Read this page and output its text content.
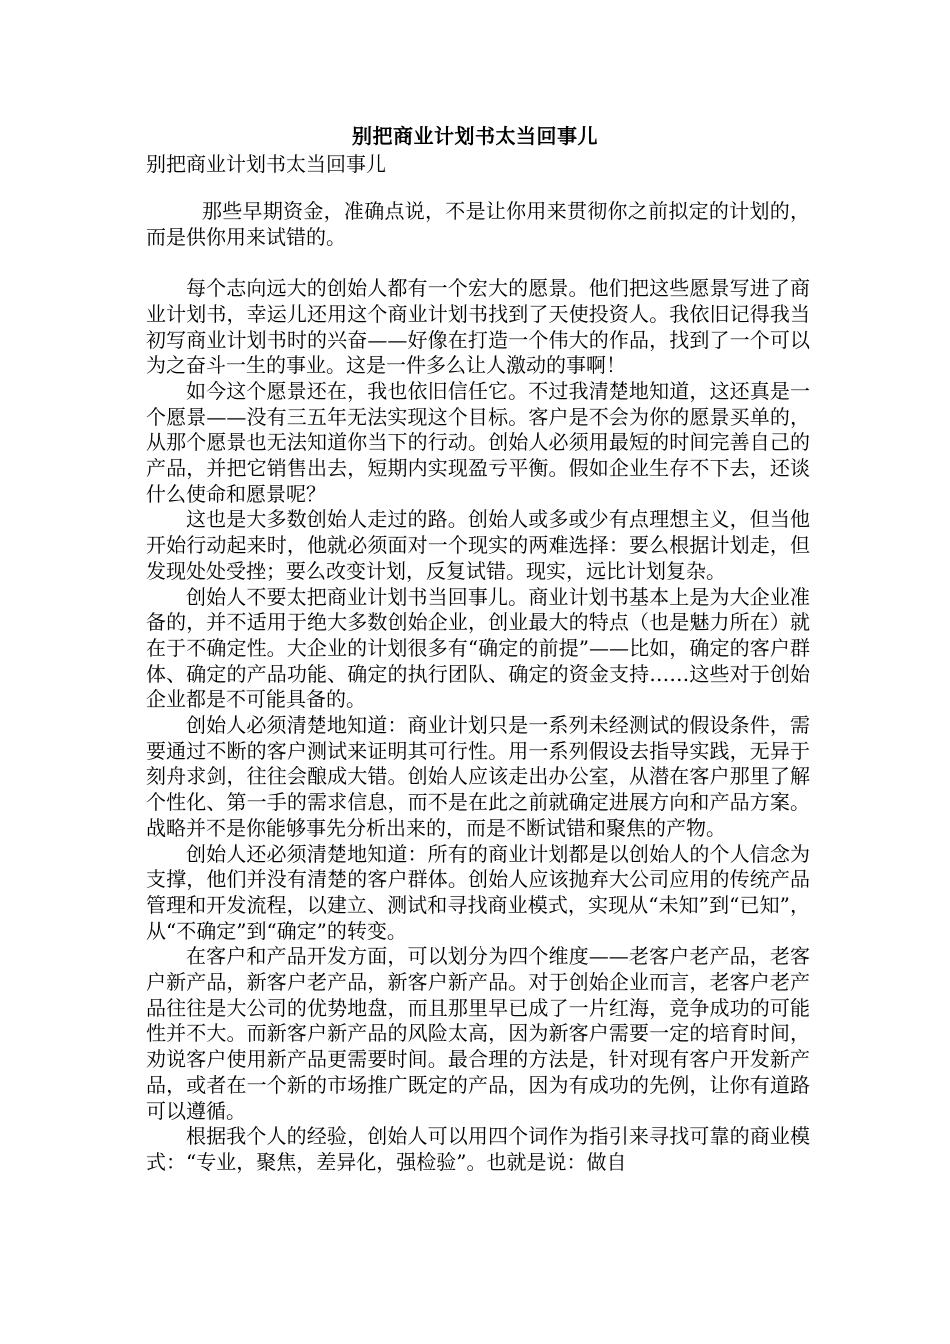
别把商业计划书太当回事儿
别把商业计划书太当回事儿

那些早期资金，准确点说，不是让你用来贯彻你之前拟定的计划的，而是供你用来试错的。

每个志向远大的创始人都有一个宏大的愿景。他们把这些愿景写进了商业计划书，幸运儿还用这个商业计划书找到了天使投资人。我依旧记得我当初写商业计划书时的兴奋——好像在打造一个伟大的作品，找到了一个可以为之奋斗一生的事业。这是一件多么让人激动的事啊！

如今这个愿景还在，我也依旧信任它。不过我清楚地知道，这还真是一个愿景——没有三五年无法实现这个目标。客户是不会为你的愿景买单的，从那个愿景也无法知道你当下的行动。创始人必须用最短的时间完善自己的产品，并把它销售出去，短期内实现盈亏平衡。假如企业生存不下去，还谈什么使命和愿景呢？

这也是大多数创始人走过的路。创始人或多或少有点理想主义，但当他开始行动起来时，他就必须面对一个现实的两难选择：要么根据计划走，但发现处处受挫；要么改变计划，反复试错。现实，远比计划复杂。

创始人不要太把商业计划书当回事儿。商业计划书基本上是为大企业准备的，并不适用于绝大多数创始企业，创业最大的特点（也是魅力所在）就在于不确定性。大企业的计划很多有“确定的前提”——比如，确定的客户群体、确定的产品功能、确定的执行团队、确定的资金支持……这些对于创始企业都是不可能具备的。

创始人必须清楚地知道：商业计划只是一系列未经测试的假设条件，需要通过不断的客户测试来证明其可行性。用一系列假设去指导实践，无异于刻舟求剑，往往会酿成大错。创始人应该走出办公室，从潜在客户那里了解个性化、第一手的需求信息，而不是在此之前就确定进展方向和产品方案。战略并不是你能够事先分析出来的，而是不断试错和聚焦的产物。

创始人还必须清楚地知道：所有的商业计划都是以创始人的个人信念为支撑，他们并没有清楚的客户群体。创始人应该抛弃大公司应用的传统产品管理和开发流程，以建立、测试和寻找商业模式，实现从“未知”到“已知”，从“不确定”到“确定”的转变。

在客户和产品开发方面，可以划分为四个维度——老客户老产品，老客户新产品，新客户老产品，新客户新产品。对于创始企业而言，老客户老产品往往是大公司的优势地盘，而且那里早已成了一片红海，竞争成功的可能性并不大。而新客户新产品的风险太高，因为新客户需要一定的培育时间，劝说客户使用新产品更需要时间。最合理的方法是，针对现有客户开发新产品，或者在一个新的市场推广既定的产品，因为有成功的先例，让你有道路可以遵循。

根据我个人的经验，创始人可以用四个词作为指引来寻找可靠的商业模式：“专业，聚焦，差异化，强检验”。也就是说：做自
